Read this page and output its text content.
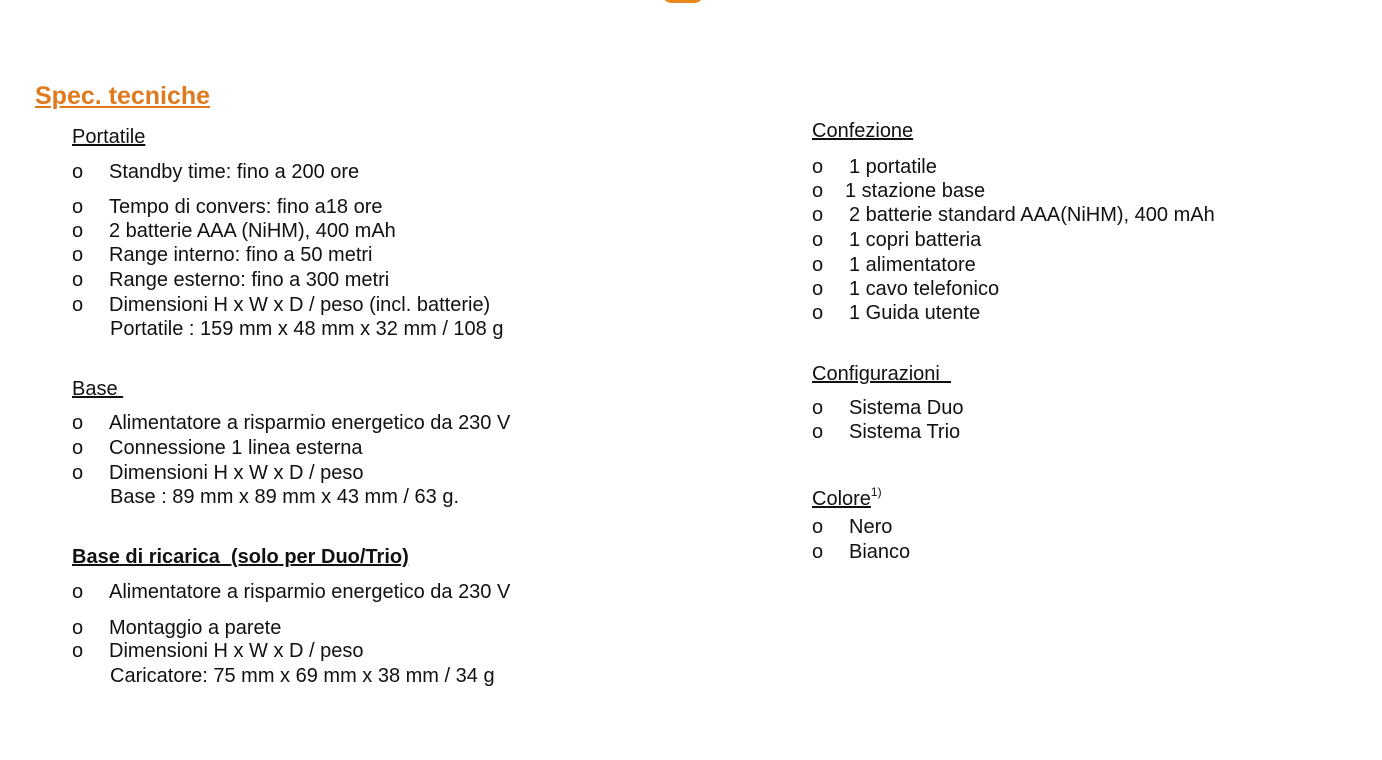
Spec. tecniche
Portatile
o Standby time: fino a 200 ore
o Tempo di convers: fino a18 ore
o 2 batterie AAA (NiHM), 400 mAh
o Range interno: fino a 50 metri
o Range esterno: fino a 300 metri
o Dimensioni H x W x D / peso (incl. batterie)
Portatile : 159 mm x 48 mm x 32 mm / 108 g
Base
o Alimentatore a risparmio energetico da 230 V
o Connessione 1 linea esterna
o Dimensioni H x W x D / peso
Base : 89 mm x 89 mm x 43 mm / 63 g.
Base di ricarica  (solo per Duo/Trio)
o Alimentatore a risparmio energetico da 230 V
o Montaggio a parete
o Dimensioni H x W x D / peso
Caricatore: 75 mm x 69 mm x 38 mm / 34 g
Confezione
o 1 portatile
o 1 stazione base
o 2 batterie standard AAA(NiHM), 400 mAh
o 1 copri batteria
o 1 alimentatore
o 1 cavo telefonico
o 1 Guida utente
Configurazioni
o Sistema Duo
o Sistema Trio
Colore$^{1)}$
o Nero
o Bianco
